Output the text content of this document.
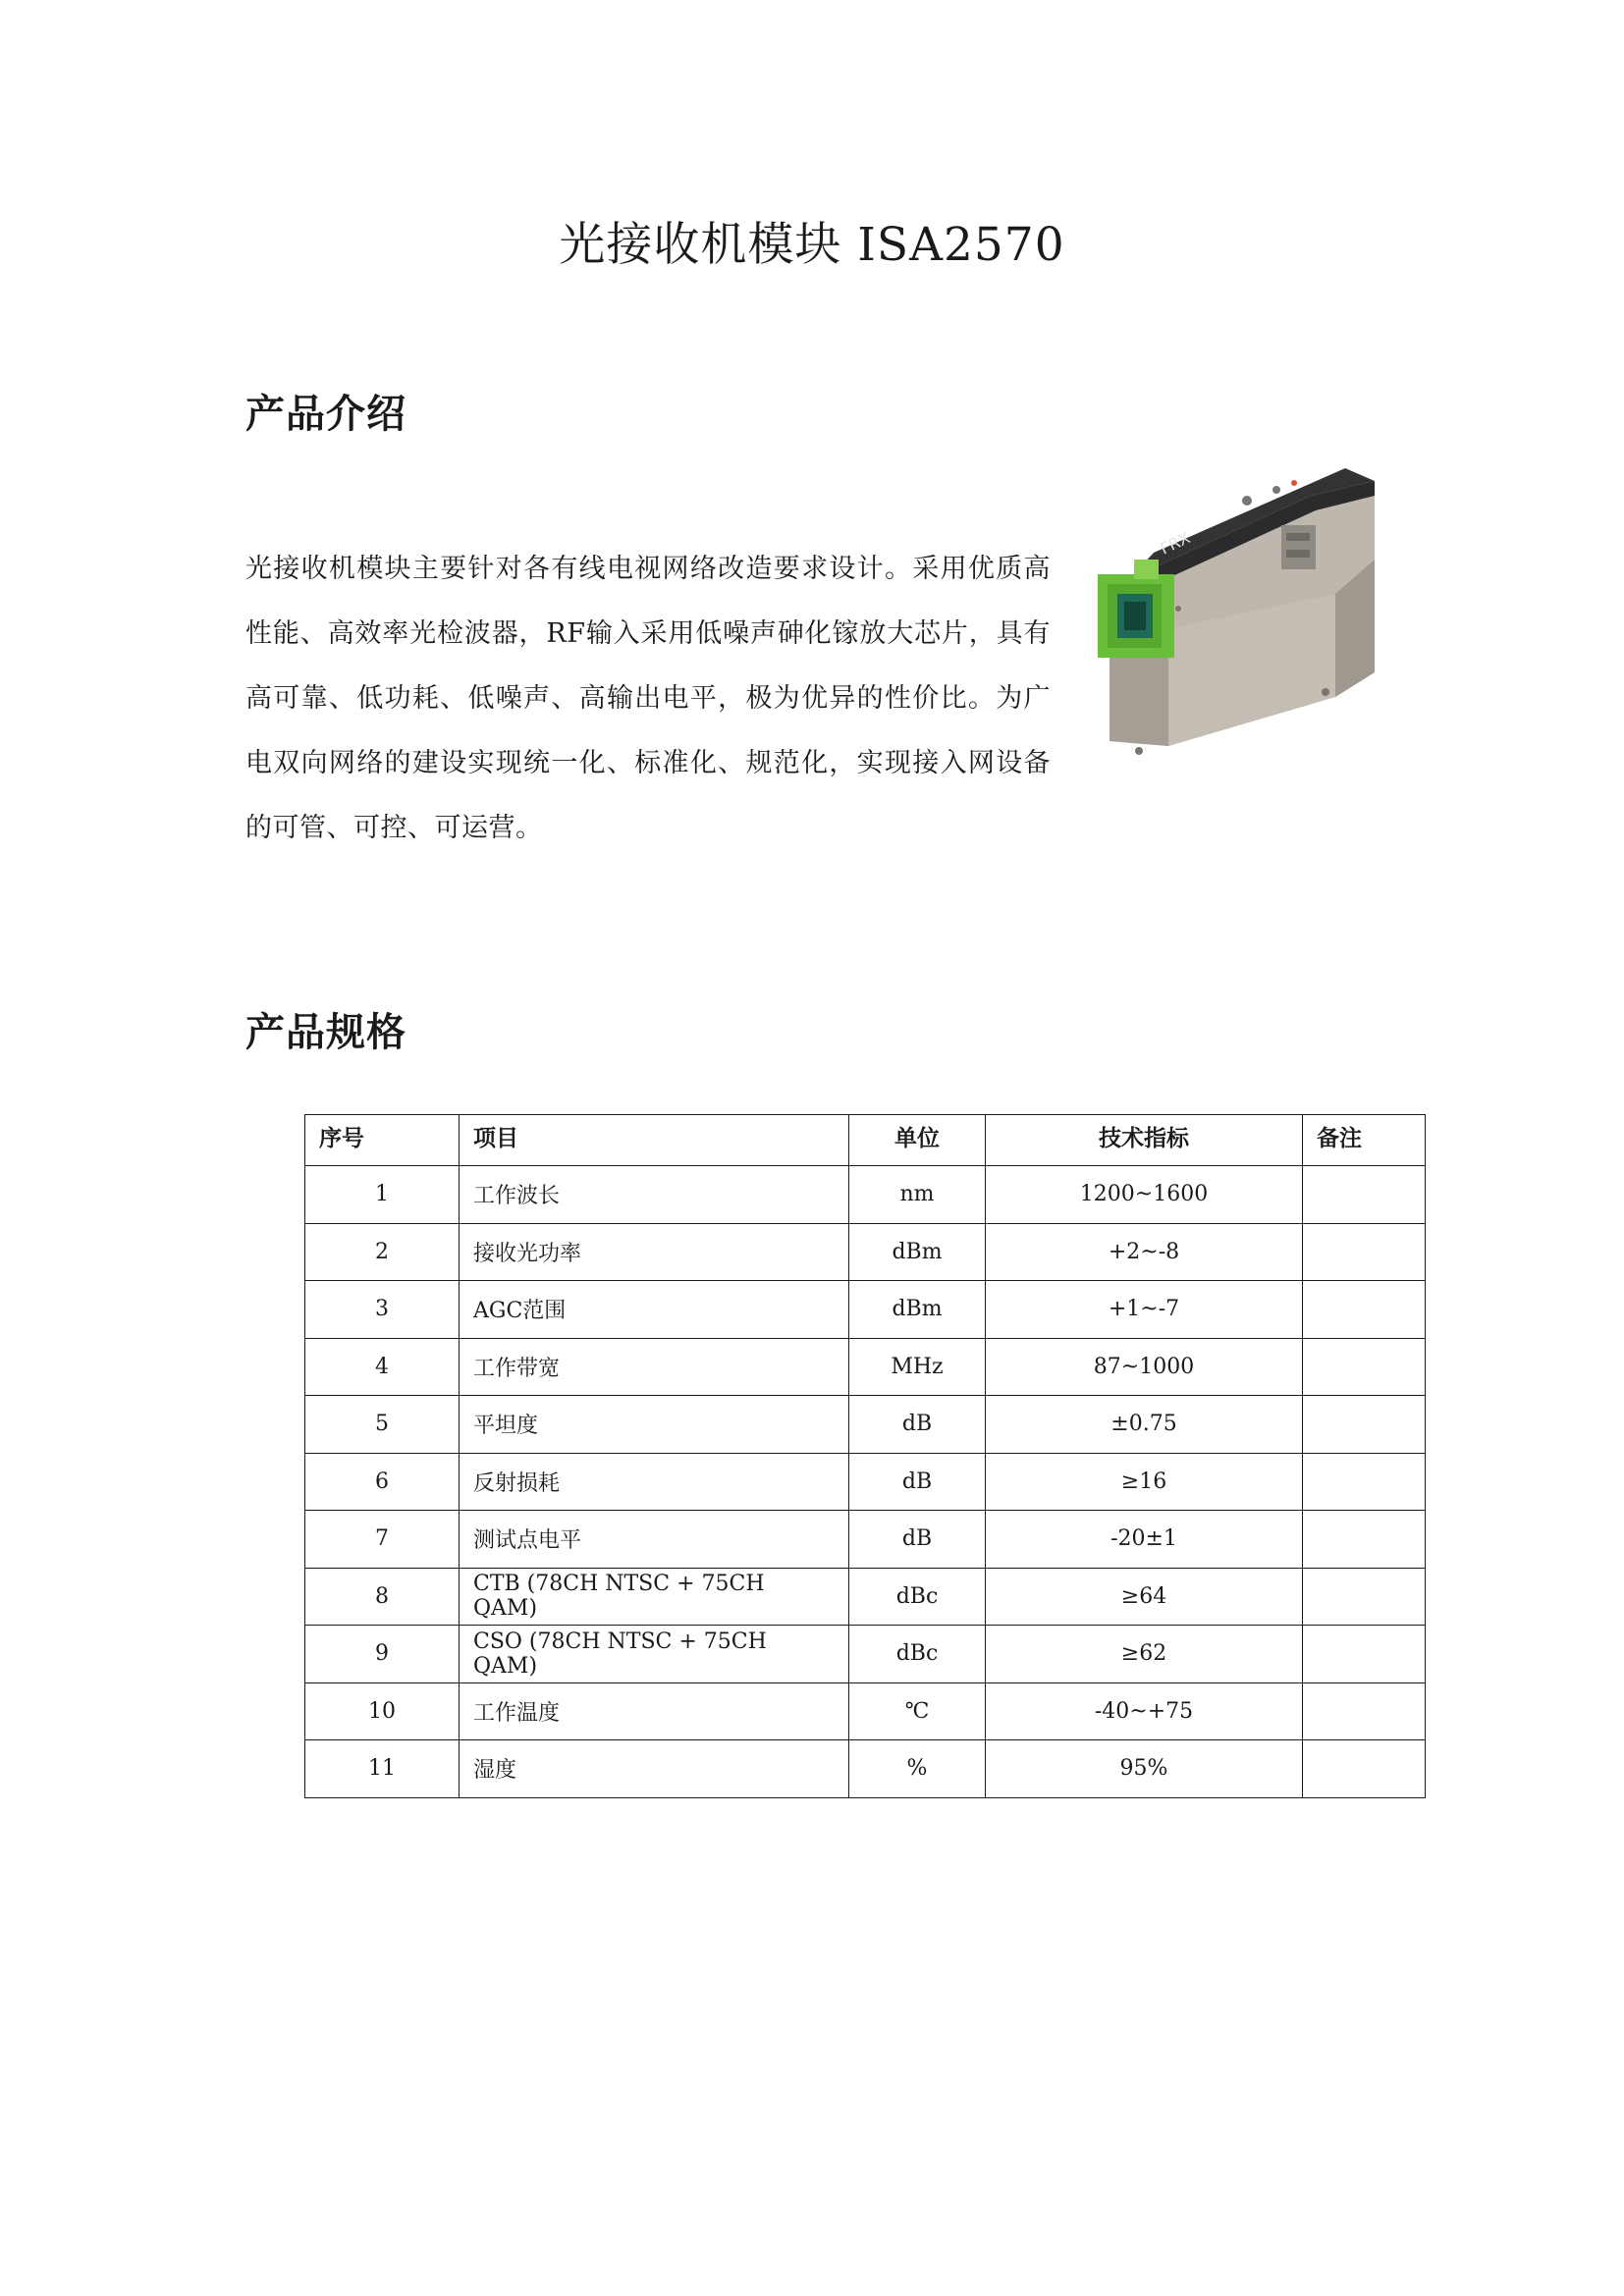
光接收机模块 ISA2570
产品介绍

光接收机模块主要针对各有线电视网络改造要求设计。采用优质高性能、高效率光检波器，RF输入采用低噪声砷化镓放大芯片，具有高可靠、低功耗、低噪声、高输出电平，极为优异的性价比。为广电双向网络的建设实现统一化、标准化、规范化，实现接入网设备的可管、可控、可运营。

FRX
产品规格
序号	项目	单位	技术指标	备注
1	工作波长	nm	1200~1600	
2	接收光功率	dBm	+2~-8	
3	AGC范围	dBm	+1~-7	
4	工作带宽	MHz	87~1000	
5	平坦度	dB	±0.75	
6	反射损耗	dB	≥16	
7	测试点电平	dB	-20±1	
8	CTB (78CH NTSC + 75CH QAM)	dBc	≥64	
9	CSO (78CH NTSC + 75CH QAM)	dBc	≥62	
10	工作温度	℃	-40~+75	
11	湿度	%	95%	
